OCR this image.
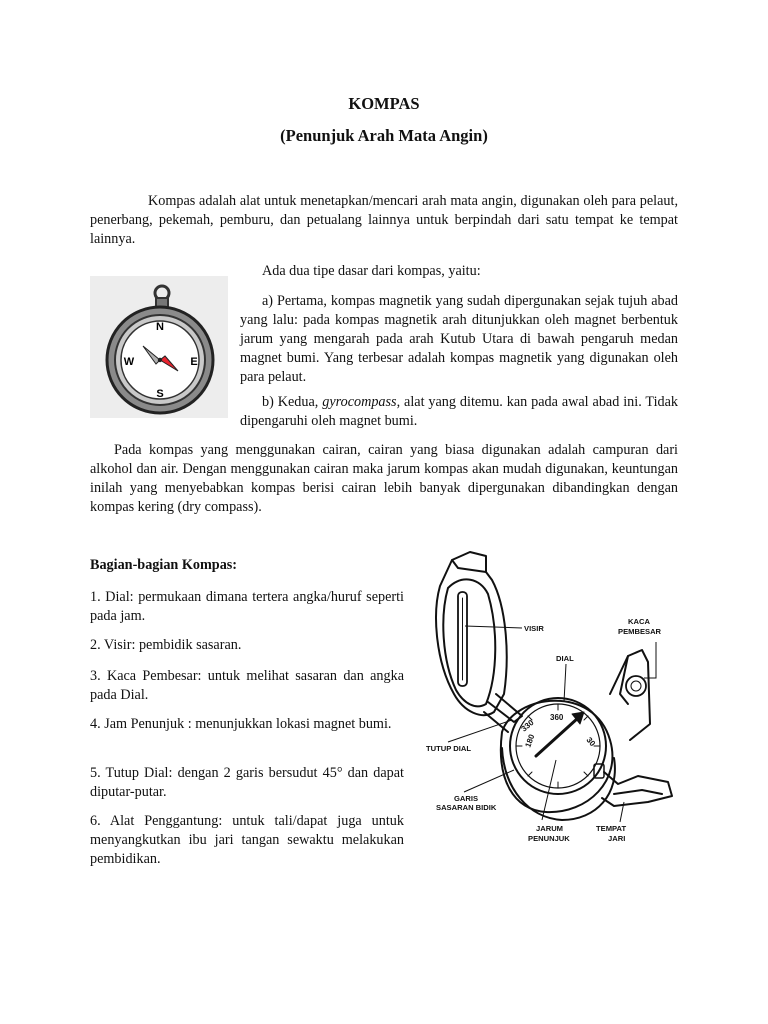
KOMPAS
(Penunjuk Arah Mata Angin)
Kompas adalah alat untuk menetapkan/mencari arah mata angin, digunakan oleh para pelaut, penerbang, pekemah, pemburu, dan petualang lainnya untuk berpindah dari satu tempat ke tempat lainnya.
Ada dua tipe dasar dari kompas, yaitu:
N
S
E
W
a) Pertama, kompas magnetik yang sudah dipergunakan sejak tujuh abad yang lalu: pada kompas magnetik arah ditunjukkan oleh magnet berbentuk jarum yang mengarah pada arah Kutub Utara di bawah pengaruh medan magnet bumi. Yang terbesar adalah kompas magnetik yang digunakan oleh para pelaut.
b) Kedua, gyrocompass, alat yang ditemu. kan pada awal abad ini. Tidak dipengaruhi oleh magnet bumi.
Pada kompas yang menggunakan cairan, cairan yang biasa digunakan adalah campuran dari alkohol dan air. Dengan menggunakan cairan maka jarum kompas akan mudah digunakan, keuntungan inilah yang menyebabkan kompas berisi cairan lebih banyak dipergunakan dibandingkan dengan kompas kering (dry compass).
Bagian-bagian Kompas:
1. Dial: permukaan dimana tertera angka/huruf seperti pada jam.
2. Visir: pembidik sasaran.
3. Kaca Pembesar: untuk melihat sasaran dan angka pada Dial.
4. Jam Penunjuk : menunjukkan lokasi magnet bumi.
5. Tutup Dial: dengan 2 garis bersudut 45° dan dapat diputar-putar.
6. Alat Penggantung: untuk tali/dapat juga untuk menyangkutkan ibu jari tangan sewaktu melakukan pembidikan.
330
360
30
180
VISIR
KACA
PEMBESAR
DIAL
TUTUP DIAL
GARIS
SASARAN BIDIK
JARUM
PENUNJUK
TEMPAT
JARI
